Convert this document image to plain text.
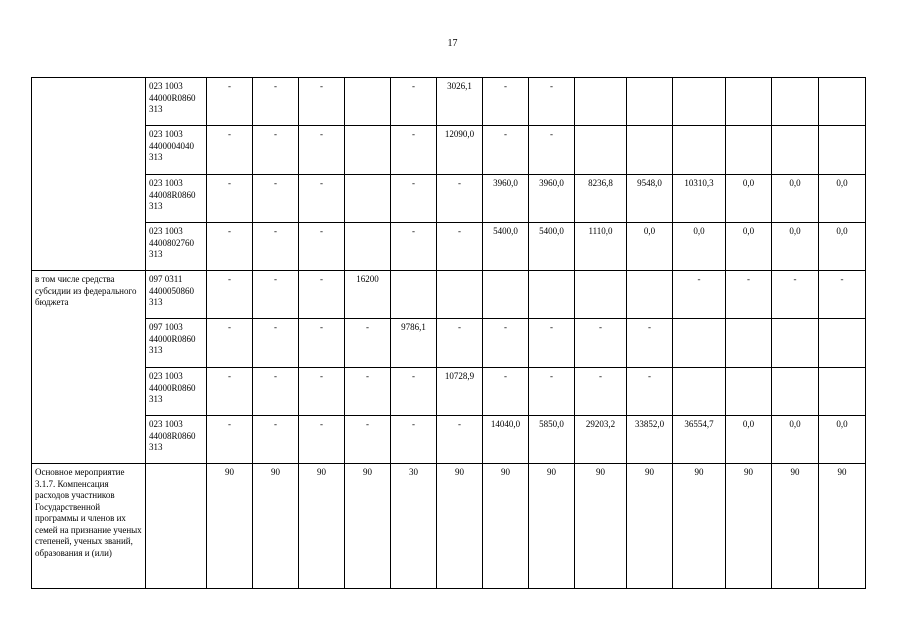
17
	023 1003
44000R0860
313	-	-	-		-	3026,1	-	-						
	023 1003
4400004040
313	-	-	-		-	12090,0	-	-						
	023 1003
44008R0860
313	-	-	-		-	-	3960,0	3960,0	8236,8	9548,0	10310,3	0,0	0,0	0,0
	023 1003
4400802760
313	-	-	-		-	-	5400,0	5400,0	1110,0	0,0	0,0	0,0	0,0	0,0
в том числе средства субсидии из федерального бюджета	097 0311
4400050860
313	-	-	-	16200							-	-	-	-
	097 1003
44000R0860
313	-	-	-	-	9786,1	-	-	-	-	-				
	023 1003
44000R0860
313	-	-	-	-	-	10728,9	-	-	-	-				
	023 1003
44008R0860
313	-	-	-	-	-	-	14040,0	5850,0	29203,2	33852,0	36554,7	0,0	0,0	0,0
Основное мероприятие 3.1.7. Компенсация расходов участников Государственной программы и членов их семей на признание ученых степеней, ученых званий, образования и (или)		90	90	90	90	30	90	90	90	90	90	90	90	90	90
